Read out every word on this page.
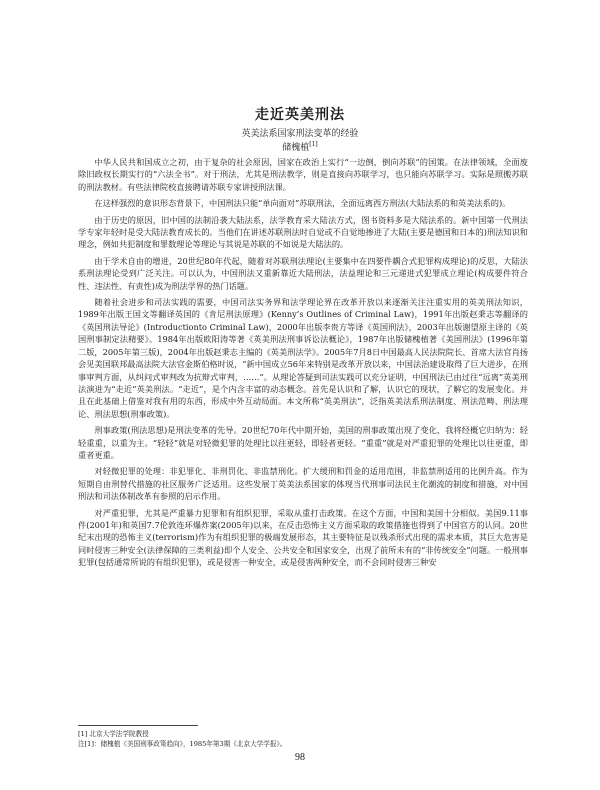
走近英美刑法
英美法系国家刑法变革的经验
储槐植[1]

中华人民共和国成立之初，由于复杂的社会原因，国家在政治上实行“一边倒，倒向苏联”的国策。在法律领域，全面废除旧政权长期实行的“六法全书”。对于刑法，尤其是刑法教学，则是直接向苏联学习，也只能向苏联学习。实际是照搬苏联的刑法教材。有些法律院校直接聘请苏联专家讲授刑法课。

在这样强烈的意识形态背景下，中国刑法只能“单向面对”苏联刑法，全面远离西方刑法(大陆法系的和英美法系的)。

由于历史的原因，旧中国的法制沿袭大陆法系，法学教育采大陆法方式，图书资料多是大陆法系的。新中国第一代刑法学专家年轻时是受大陆法教育成长的。当他们在讲述苏联刑法时自觉或不自觉地掺进了大陆(主要是德国和日本的)刑法知识和理念，例如共犯制度和罪数理论等理论与其说是苏联的不如说是大陆法的。

由于学术自由的增进，20世纪80年代起，随着对苏联刑法理论(主要集中在四要件耦合式犯罪构成理论)的反思，大陆法系刑法理论受到广泛关注。可以认为，中国刑法又重新靠近大陆刑法，法益理论和三元递进式犯罪成立理论(构成要件符合性、违法性、有责性)成为刑法学界的热门话题。

随着社会进步和司法实践的需要，中国司法实务界和法学理论界在改革开放以来逐渐关注注重实用的英美刑法知识，1989年出版王国文等翻译英国的《肯尼刑法原理》(Kenny’s Outlines of Criminal Law)，1991年出版赵秉志等翻译的《英国刑法导论》(Introductionto Criminal Law)，2000年出版李贵方等译《英国刑法》，2003年出版谢望原主译的《英国刑事制定法精要》。1984年出版欧阳涛等著《英美刑法刑事诉讼法概论》，1987年出版储槐植著《美国刑法》(1996年第二版，2005年第三版)，2004年出版赵秉志主编的《英美刑法学》。2005年7月8日中国最高人民法院院长、首席大法官肖扬会见美国联邦最高法院大法官金斯伯格时说，“新中国成立56年来特别是改革开放以来，中国法治建设取得了巨大进步，在刑事审判方面，从纠问式审判改为抗辩式审判，……”。从理论答疑到司法实践可以充分证明，中国刑法已由过往“远离”英美刑法演进为“走近”英美刑法。“走近”，是个内含丰富的动态概念。首先是认识和了解，认识它的现状，了解它的发展变化。并且在此基础上借鉴对我有用的东西，形成中外互动局面。本文所称“英美刑法”，泛指英美法系刑法制度、刑法范畴、刑法理论、刑法思想(刑事政策)。

刑事政策(刑法思想)是刑法变革的先导。20世纪70年代中期开始，美国的刑事政策出现了变化，我将经概它归纳为：轻轻重重，以重为主。“轻轻”就是对轻微犯罪的处理比以往更轻，即轻者更轻。“重重”就是对严重犯罪的处理比以往更重，即重者更重。

对轻微犯罪的处理：非犯罪化、非刑罚化、非监禁刑化。扩大缓刑和罚金的适用范围，非监禁刑适用的比例升高。作为短期自由刑替代措施的社区服务广泛适用。这些发展丁英美法系国家的体现当代刑事司法民主化潮流的制度和措施，对中国刑法和司法体制改革有参照的启示作用。

对严重犯罪，尤其是严重暴力犯罪和有组织犯罪，采取从重打击政策。在这个方面，中国和美国十分相似。美国9.11事件(2001年)和英国7.7伦敦连环爆炸案(2005年)以来，在反击恐怖主义方面采取的政策措施也得到了中国官方的认同。20世纪末出现的恐怖主义(terrorism)作为有组织犯罪的极端发展形态，其主要特征是以残杀形式出现的需求本质，其巨大危害是同时侵害三种安全(法律保障的三类利益)即个人安全、公共安全和国家安全，出现了前所未有的“非传统安全”问题。一般刑事犯罪(包括通常所说的有组织犯罪)，或是侵害一种安全，或是侵害两种安全，而不会同时侵害三种安

[1] 北京大学法学院教授
注[1]：储槐植《美国刑事政策趋向》，1985年第3期《北京大学学报》。
98
